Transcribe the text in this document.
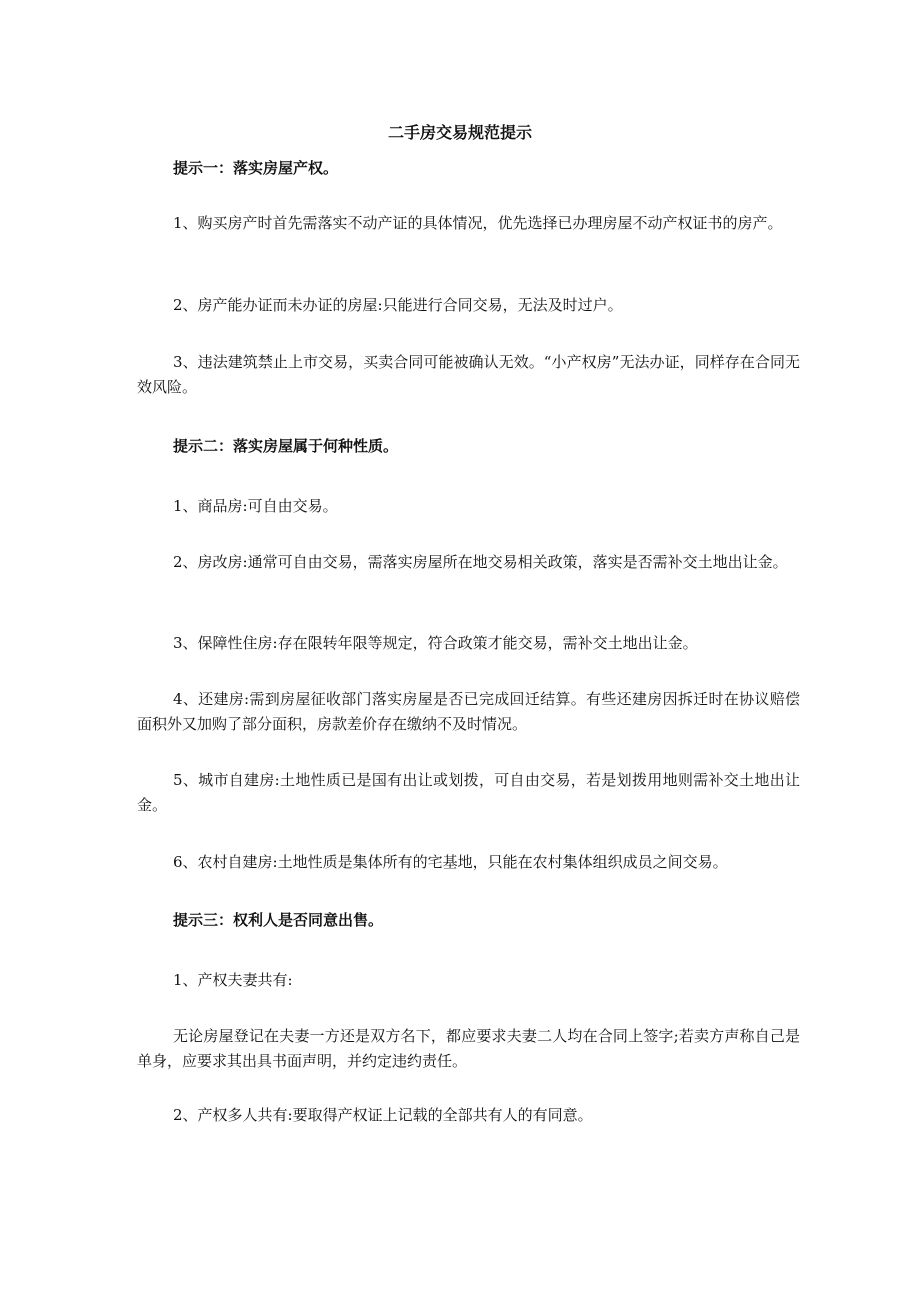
二手房交易规范提示

提示一：落实房屋产权。

1、购买房产时首先需落实不动产证的具体情况，优先选择已办理房屋不动产权证书的房产。

2、房产能办证而未办证的房屋:只能进行合同交易，无法及时过户。

3、违法建筑禁止上市交易，买卖合同可能被确认无效。“小产权房”无法办证，同样存在合同无效风险。

提示二：落实房屋属于何种性质。

1、商品房:可自由交易。

2、房改房:通常可自由交易，需落实房屋所在地交易相关政策，落实是否需补交土地出让金。

3、保障性住房:存在限转年限等规定，符合政策才能交易，需补交土地出让金。

4、还建房:需到房屋征收部门落实房屋是否已完成回迁结算。有些还建房因拆迁时在协议赔偿面积外又加购了部分面积，房款差价存在缴纳不及时情况。

5、城市自建房:土地性质已是国有出让或划拨，可自由交易，若是划拨用地则需补交土地出让金。

6、农村自建房:土地性质是集体所有的宅基地，只能在农村集体组织成员之间交易。

提示三：权利人是否同意出售。

1、产权夫妻共有:

无论房屋登记在夫妻一方还是双方名下，都应要求夫妻二人均在合同上签字;若卖方声称自己是单身，应要求其出具书面声明，并约定违约责任。

2、产权多人共有:要取得产权证上记载的全部共有人的有同意。
